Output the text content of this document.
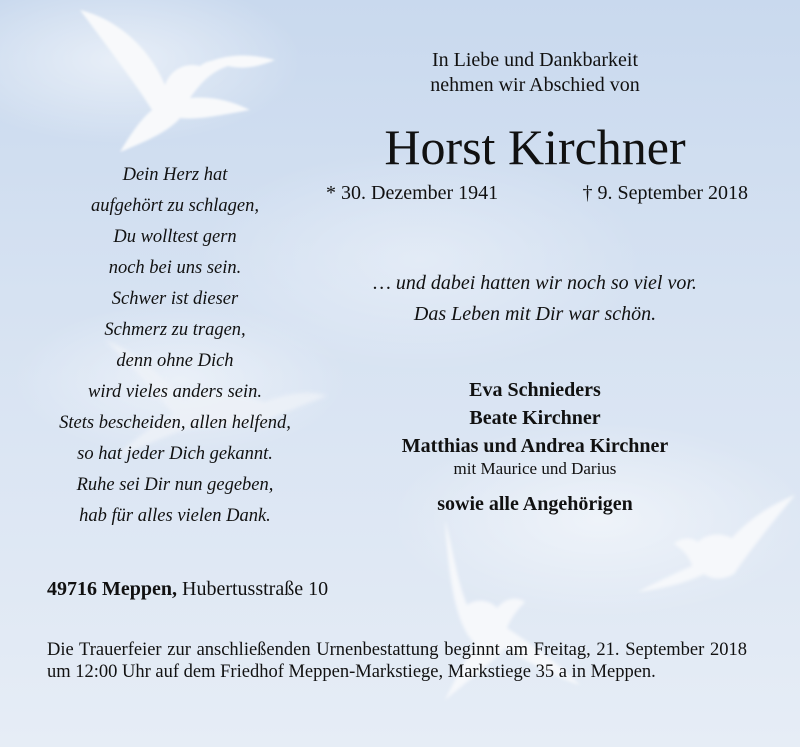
In Liebe und Dankbarkeit
nehmen wir Abschied von
Horst Kirchner
* 30. Dezember 1941	† 9. September 2018
… und dabei hatten wir noch so viel vor.
Das Leben mit Dir war schön.
Dein Herz hat
aufgehört zu schlagen,
Du wolltest gern
noch bei uns sein.
Schwer ist dieser
Schmerz zu tragen,
denn ohne Dich
wird vieles anders sein.
Stets bescheiden, allen helfend,
so hat jeder Dich gekannt.
Ruhe sei Dir nun gegeben,
hab für alles vielen Dank.
Eva Schnieders
Beate Kirchner
Matthias und Andrea Kirchner
mit Maurice und Darius
sowie alle Angehörigen
49716 Meppen, Hubertusstraße 10

Die Trauerfeier zur anschließenden Urnenbestattung beginnt am Freitag, 21. September 2018 um 12:00 Uhr auf dem Friedhof Meppen-Markstiege, Markstiege 35 a in Meppen.
